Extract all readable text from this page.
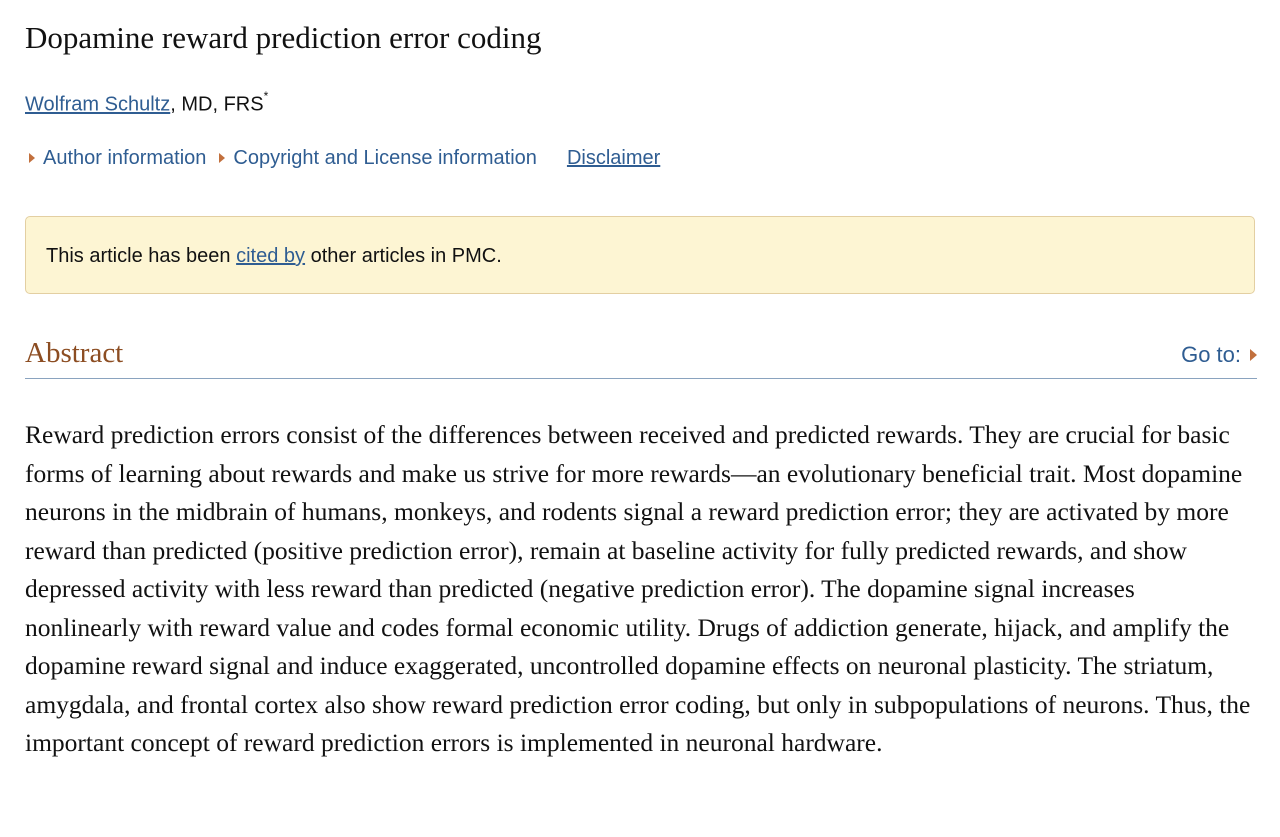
Dopamine reward prediction error coding
Wolfram Schultz, MD, FRS*
Author information Copyright and License information Disclaimer
This article has been cited by other articles in PMC.
Abstract	Go to:

Reward prediction errors consist of the differences between received and predicted rewards. They are crucial for basic forms of learning about rewards and make us strive for more rewards—an evolutionary beneficial trait. Most dopamine neurons in the midbrain of humans, monkeys, and rodents signal a reward prediction error; they are activated by more reward than predicted (positive prediction error), remain at baseline activity for fully predicted rewards, and show depressed activity with less reward than predicted (negative prediction error). The dopamine signal increases nonlinearly with reward value and codes formal economic utility. Drugs of addiction generate, hijack, and amplify the dopamine reward signal and induce exaggerated, uncontrolled dopamine effects on neuronal plasticity. The striatum, amygdala, and frontal cortex also show reward prediction error coding, but only in subpopulations of neurons. Thus, the important concept of reward prediction errors is implemented in neuronal hardware.
